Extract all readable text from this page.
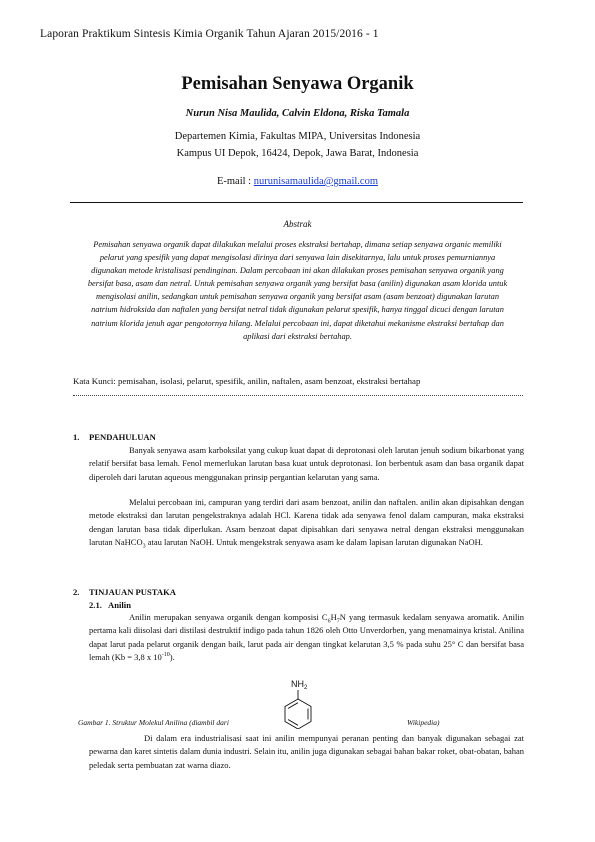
Laporan Praktikum Sintesis Kimia Organik Tahun Ajaran 2015/2016 - 1
Pemisahan Senyawa Organik
Nurun Nisa Maulida, Calvin Eldona, Riska Tamala
Departemen Kimia, Fakultas MIPA, Universitas Indonesia
Kampus UI Depok, 16424, Depok, Jawa Barat, Indonesia
E-mail : nurunisamaulida@gmail.com
Abstrak
Pemisahan senyawa organik dapat dilakukan melalui proses ekstraksi bertahap, dimana setiap senyawa organic memiliki pelarut yang spesifik yang dapat mengisolasi dirinya dari senyawa lain disekitarnya, lalu untuk proses pemurniannya digunakan metode kristalisasi pendinginan. Dalam percobaan ini akan dilakukan proses pemisahan senyawa organik yang bersifat basa, asam dan netral. Untuk pemisahan senyawa organik yang bersifat basa (anilin) digunakan asam klorida untuk mengisolasi anilin, sedangkan untuk pemisahan senyawa organik yang bersifat asam (asam benzoat) digunakan larutan natrium hidroksida dan naftalen yang bersifat netral tidak digunakan pelarut spesifik, hanya tinggal dicuci dengan larutan natrium klorida jenuh agar pengotornya hilang. Melalui percobaan ini, dapat diketahui mekanisme ekstraksi bertahap dan aplikasi dari ekstraksi bertahap.
Kata Kunci: pemisahan, isolasi, pelarut, spesifik, anilin, naftalen, asam benzoat, ekstraksi bertahap
1. PENDAHULUAN
Banyak senyawa asam karboksilat yang cukup kuat dapat di deprotonasi oleh larutan jenuh sodium bikarbonat yang relatif bersifat basa lemah. Fenol memerlukan larutan basa kuat untuk deprotonasi. Ion berbentuk asam dan basa organik dapat diperoleh dari larutan aqueous menggunakan prinsip pergantian kelarutan yang sama.
Melalui percobaan ini, campuran yang terdiri dari asam benzoat, anilin dan naftalen. anilin akan dipisahkan dengan metode ekstraksi dan larutan pengekstraknya adalah HCl. Karena tidak ada senyawa fenol dalam campuran, maka ekstraksi dengan larutan basa tidak diperlukan. Asam benzoat dapat dipisahkan dari senyawa netral dengan ekstraksi menggunakan larutan NaHCO$_3$ atau larutan NaOH. Untuk mengekstrak senyawa asam ke dalam lapisan larutan digunakan NaOH.
2. TINJAUAN PUSTAKA
2.1. Anilin
Anilin merupakan senyawa organik dengan komposisi $C_6H_7N$ yang termasuk kedalam senyawa aromatik. Anilin pertama kali diisolasi dari distilasi destruktif indigo pada tahun 1826 oleh Otto Unverdorben, yang menamainya kristal. Anilina dapat larut pada pelarut organik dengan baik, larut pada air dengan tingkat kelarutan 3,5 % pada suhu 25° C dan bersifat basa lemah (Kb = 3,8 x $10^{-10}$).
$NH_2$
Gambar 1. Struktur Molekul Anilina (diambil dari	Wikipedia)
Di dalam era industrialisasi saat ini anilin mempunyai peranan penting dan banyak digunakan sebagai zat pewarna dan karet sintetis dalam dunia industri. Selain itu, anilin juga digunakan sebagai bahan bakar roket, obat-obatan, bahan peledak serta pembuatan zat warna diazo.
